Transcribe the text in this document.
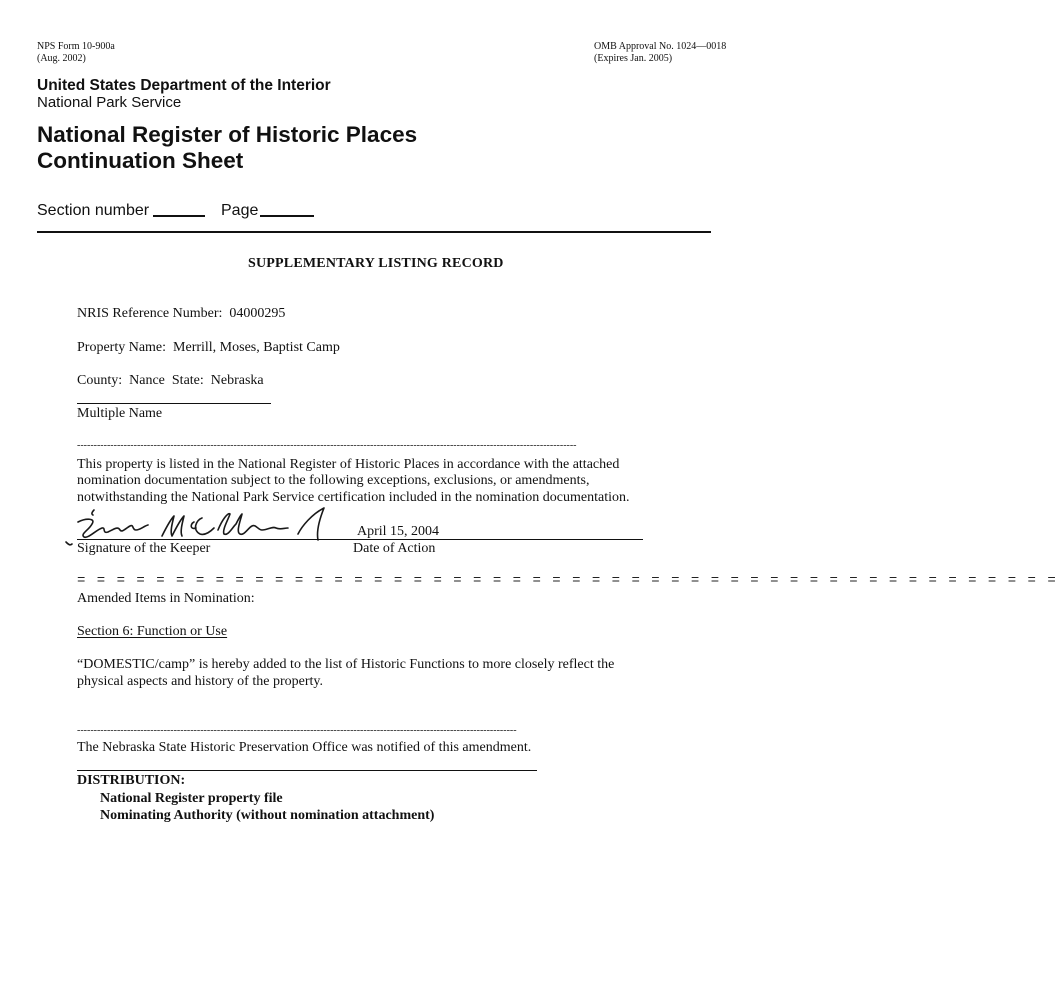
NPS Form 10-900a
(Aug. 2002)
OMB Approval No. 1024—0018
(Expires Jan. 2005)
United States Department of the Interior
National Park Service
National Register of Historic Places
Continuation Sheet
Section number	Page
SUPPLEMENTARY LISTING RECORD
NRIS Reference Number: 04000295
Property Name: Merrill, Moses, Baptist Camp
County: Nance State: Nebraska
Multiple Name
------------------------------------------------------------------------------------------------------------------------------------------------------
This property is listed in the National Register of Historic Places in accordance with the attached
nomination documentation subject to the following exceptions, exclusions, or amendments,
notwithstanding the National Park Service certification included in the nomination documentation.
April 15, 2004
Signature of the Keeper	Date of Action
= = = = = = = = = = = = = = = = = = = = = = = = = = = = = = = = = = = = = = = = = = = = = = = = = =
Amended Items in Nomination:
Section 6: Function or Use
“DOMESTIC/camp” is hereby added to the list of Historic Functions to more closely reflect the
physical aspects and history of the property.
------------------------------------------------------------------------------------------------------------------------------------
The Nebraska State Historic Preservation Office was notified of this amendment.
DISTRIBUTION:
National Register property file
Nominating Authority (without nomination attachment)
